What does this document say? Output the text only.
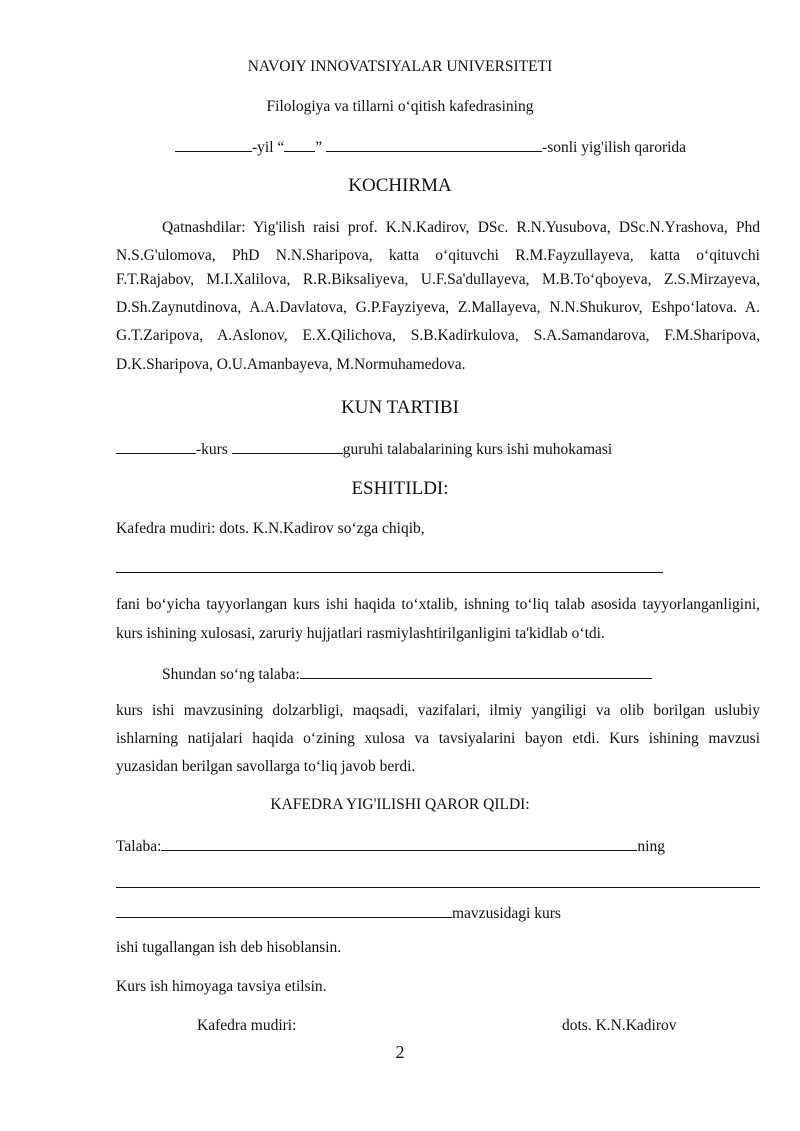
NAVOIY INNOVATSIYALAR UNIVERSITETI
Filologiya va tillarni o‘qitish kafedrasining
-yil “ ”	-sonli yig'ilish qarorida
KOCHIRMA
Qatnashdilar: Yig'ilish raisi prof. K.N.Kadirov, DSc. R.N.Yusubova, DSc.N.Yrashova, Phd
N.S.G'ulomova, PhD N.N.Sharipova, katta o‘qituvchi R.M.Fayzullayeva, katta o‘qituvchi
F.T.Rajabov, M.I.Xalilova, R.R.Biksaliyeva, U.F.Sa'dullayeva, M.B.To‘qboyeva, Z.S.Mirzayeva,
D.Sh.Zaynutdinova, A.A.Davlatova, G.P.Fayziyeva, Z.Mallayeva, N.N.Shukurov, Eshpo‘latova. A.
G.T.Zaripova, A.Aslonov, E.X.Qilichova, S.B.Kadirkulova, S.A.Samandarova, F.M.Sharipova,
D.K.Sharipova, O.U.Amanbayeva, M.Normuhamedova.
KUN TARTIBI
-kurs	guruhi talabalarining kurs ishi muhokamasi
ESHITILDI:
Kafedra mudiri: dots. K.N.Kadirov so‘zga chiqib,
fani bo‘yicha tayyorlangan kurs ishi haqida to‘xtalib, ishning to‘liq talab asosida tayyorlanganligini,
kurs ishining xulosasi, zaruriy hujjatlari rasmiylashtirilganligini ta'kidlab o‘tdi.
Shundan so‘ng talaba:
kurs ishi mavzusining dolzarbligi, maqsadi, vazifalari, ilmiy yangiligi va olib borilgan uslubiy
ishlarning natijalari haqida o‘zining xulosa va tavsiyalarini bayon etdi. Kurs ishining mavzusi
yuzasidan berilgan savollarga to‘liq javob berdi.
KAFEDRA YIG'ILISHI QAROR QILDI:
Talaba:	ning
mavzusidagi kurs
ishi tugallangan ish deb hisoblansin.
Kurs ish himoyaga tavsiya etilsin.
Kafedra mudiri:	dots. K.N.Kadirov
2
